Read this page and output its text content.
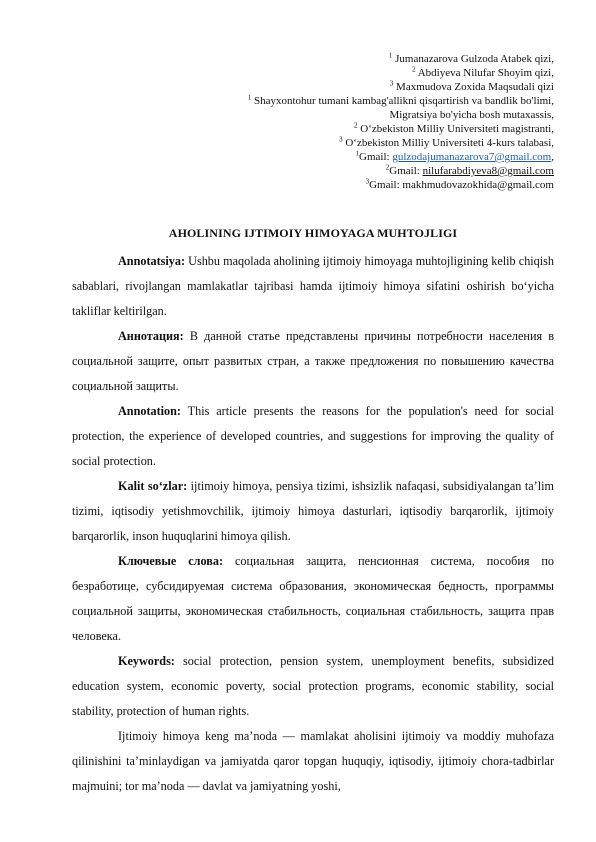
$^1$ Jumanazarova Gulzoda Atabek qizi,
$^2$ Abdiyeva Nilufar Shoyim qizi,
$^3$ Maxmudova Zoxida Maqsudali qizi
$^1$ Shayxontohur tumani kambag'allikni qisqartirish va bandlik bo'limi,
Migratsiya bo'yicha bosh mutaxassis,
$^2$ O‘zbekiston Milliy Universiteti magistranti,
$^3$ O‘zbekiston Milliy Universiteti 4-kurs talabasi,
$^1$Gmail: gulzodajumanazarova7@gmail.com,
$^2$Gmail: nilufarabdiyeva8@gmail.com
$^3$Gmail: makhmudovazokhida@gmail.com
AHOLINING IJTIMOIY HIMOYAGA MUHTOJLIGI

Annotatsiya: Ushbu maqolada aholining ijtimoiy himoyaga muhtojligining kelib chiqish sabablari, rivojlangan mamlakatlar tajribasi hamda ijtimoiy himoya sifatini oshirish bo‘yicha takliflar keltirilgan.

Аннотация: В данной статье представлены причины потребности населения в социальной защите, опыт развитых стран, а также предложения по повышению качества социальной защиты.

Annotation: This article presents the reasons for the population's need for social protection, the experience of developed countries, and suggestions for improving the quality of social protection.

Kalit so‘zlar: ijtimoiy himoya, pensiya tizimi, ishsizlik nafaqasi, subsidiyalangan ta’lim tizimi, iqtisodiy yetishmovchilik, ijtimoiy himoya dasturlari, iqtisodiy barqarorlik, ijtimoiy barqarorlik, inson huquqlarini himoya qilish.

Ключевые слова: социальная защита, пенсионная система, пособия по безработице, субсидируемая система образования, экономическая бедность, программы социальной защиты, экономическая стабильность, социальная стабильность, защита прав человека.

Keywords: social protection, pension system, unemployment benefits, subsidized education system, economic poverty, social protection programs, economic stability, social stability, protection of human rights.

Ijtimoiy himoya keng ma’noda — mamlakat aholisini ijtimoiy va moddiy muhofaza qilinishini ta’minlaydigan va jamiyatda qaror topgan huquqiy, iqtisodiy, ijtimoiy chora-tadbirlar majmuini; tor ma’noda — davlat va jamiyatning yoshi,
